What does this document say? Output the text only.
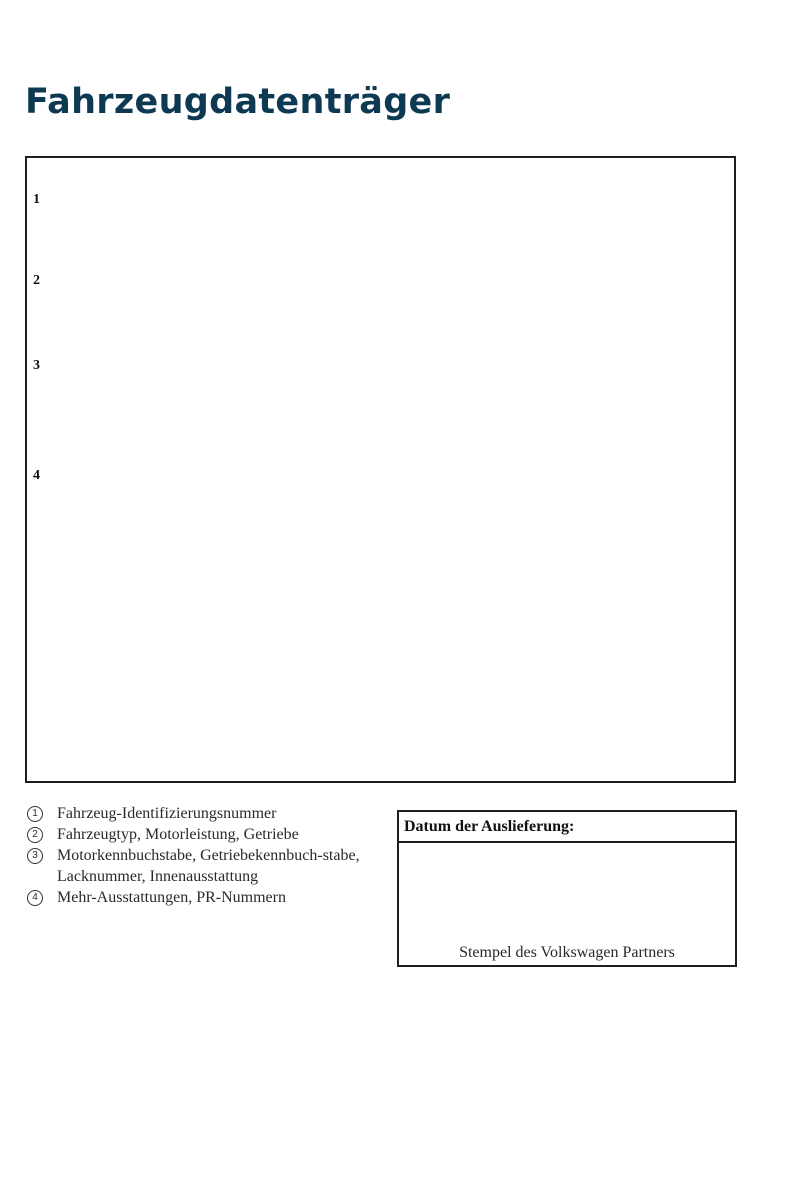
Fahrzeugdatenträger
1
2
3
4
1	Fahrzeug-Identifizierungsnummer
2	Fahrzeugtyp, Motorleistung, Getriebe
3	Motorkennbuchstabe, Getriebekennbuch-stabe, Lacknummer, Innenausstattung
4	Mehr-Ausstattungen, PR-Nummern
Datum der Auslieferung:
Stempel des Volkswagen Partners
